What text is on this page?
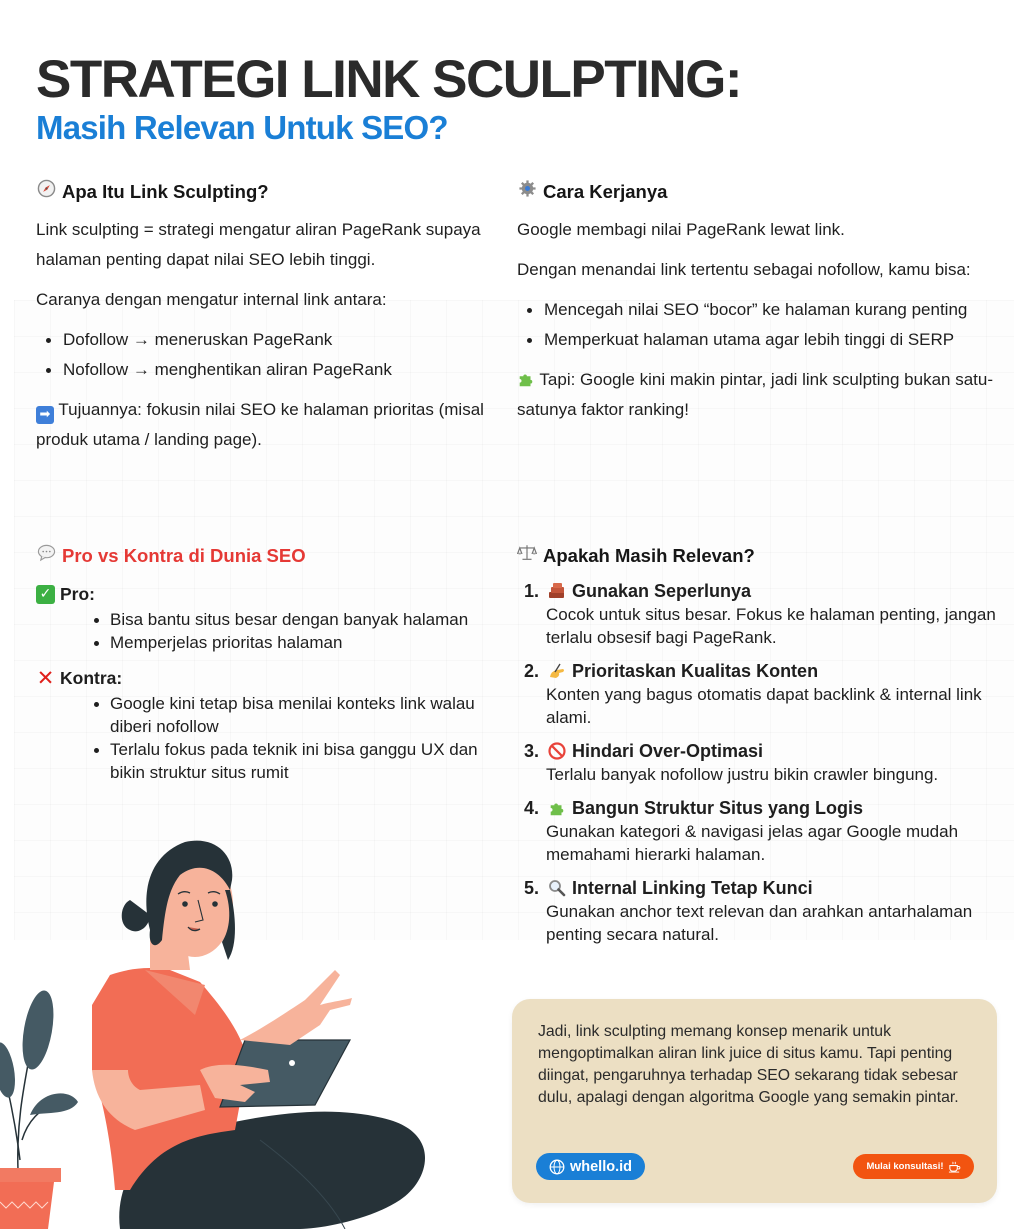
STRATEGI LINK SCULPTING:
Masih Relevan Untuk SEO?
Apa Itu Link Sculpting?

Link sculpting = strategi mengatur aliran PageRank supaya halaman penting dapat nilai SEO lebih tinggi.

Caranya dengan mengatur internal link antara:

Dofollow → meneruskan PageRank
Nofollow → menghentikan aliran PageRank

➡ Tujuannya: fokusin nilai SEO ke halaman prioritas (misal produk utama / landing page).

Cara Kerjanya

Google membagi nilai PageRank lewat link.

Dengan menandai link tertentu sebagai nofollow, kamu bisa:

Mencegah nilai SEO “bocor” ke halaman kurang penting
Memperkuat halaman utama agar lebih tinggi di SERP

Tapi: Google kini makin pintar, jadi link sculpting bukan satu-satunya faktor ranking!

Pro vs Kontra di Dunia SEO
✓ Pro:
Bisa bantu situs besar dengan banyak halaman
Memperjelas prioritas halaman
✕ Kontra:
Google kini tetap bisa menilai konteks link walau diberi nofollow
Terlalu fokus pada teknik ini bisa ganggu UX dan bikin struktur situs rumit
Apakah Masih Relevan?
1. Gunakan Seperlunya
Cocok untuk situs besar. Fokus ke halaman penting, jangan terlalu obsesif bagi PageRank.
2. Prioritaskan Kualitas Konten
Konten yang bagus otomatis dapat backlink & internal link alami.
3. Hindari Over-Optimasi
Terlalu banyak nofollow justru bikin crawler bingung.
4. Bangun Struktur Situs yang Logis
Gunakan kategori & navigasi jelas agar Google mudah memahami hierarki halaman.
5. Internal Linking Tetap Kunci
Gunakan anchor text relevan dan arahkan antarhalaman penting secara natural.

Jadi, link sculpting memang konsep menarik untuk mengoptimalkan aliran link juice di situs kamu. Tapi penting diingat, pengaruhnya terhadap SEO sekarang tidak sebesar dulu, apalagi dengan algoritma Google yang semakin pintar.

whello.id	Mulai konsultasi!
